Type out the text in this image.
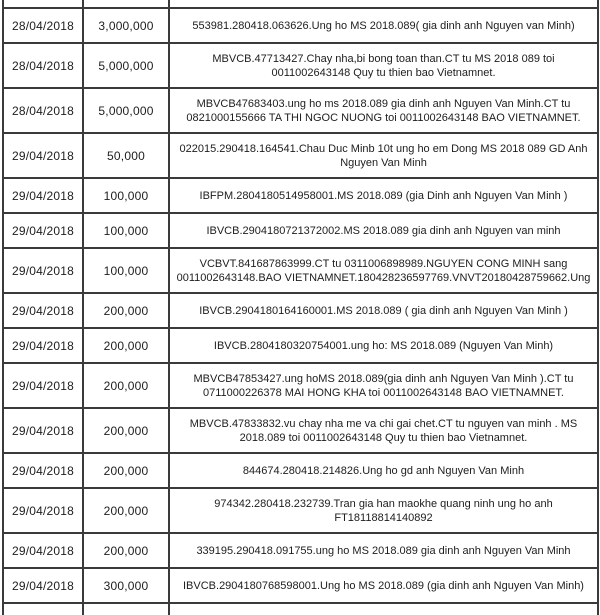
28/04/2018	3,000,000	553981.280418.063626.Ung ho MS 2018.089( gia dinh anh Nguyen van Minh)
28/04/2018	5,000,000	MBVCB.47713427.Chay nha,bi bong toan than.CT tu MS 2018 089 toi 0011002643148 Quy tu thien bao Vietnamnet.
28/04/2018	5,000,000	MBVCB47683403.ung ho ms 2018.089 gia dinh anh Nguyen Van Minh.CT tu 0821000155666 TA THI NGOC NUONG toi 0011002643148 BAO VIETNAMNET.
29/04/2018	50,000	022015.290418.164541.Chau Duc Minb 10t ung ho em Dong MS 2018 089 GD Anh Nguyen Van Minh
29/04/2018	100,000	IBFPM.2804180514958001.MS 2018.089 (gia Dinh anh Nguyen Van Minh )
29/04/2018	100,000	IBVCB.2904180721372002.MS 2018.089 gia dinh anh Nguyen van minh
29/04/2018	100,000	VCBVT.841687863999.CT tu 0311006898989.NGUYEN CONG MINH sang 0011002643148.BAO VIETNAMNET.180428236597769.VNVT20180428759662.Ung
29/04/2018	200,000	IBVCB.2904180164160001.MS 2018.089 ( gia dinh anh Nguyen Van Minh )
29/04/2018	200,000	IBVCB.2804180320754001.ung ho: MS 2018.089 (Nguyen Van Minh)
29/04/2018	200,000	MBVCB47853427.ung hoMS 2018.089(gia dinh anh Nguyen Van Minh ).CT tu 0711000226378 MAI HONG KHA toi 0011002643148 BAO VIETNAMNET.
29/04/2018	200,000	MBVCB.47833832.vu chay nha me va chi gai chet.CT tu nguyen van minh . MS 2018.089 toi 0011002643148 Quy tu thien bao Vietnamnet.
29/04/2018	200,000	844674.280418.214826.Ung ho gd anh Nguyen Van Minh
29/04/2018	200,000	974342.280418.232739.Tran gia han maokhe quang ninh ung ho anh FT18118814140892
29/04/2018	200,000	339195.290418.091755.ung ho MS 2018.089 gia dinh anh Nguyen Van Minh
29/04/2018	300,000	IBVCB.2904180768598001.Ung ho MS 2018.089 (gia dinh anh Nguyen Van Minh)
